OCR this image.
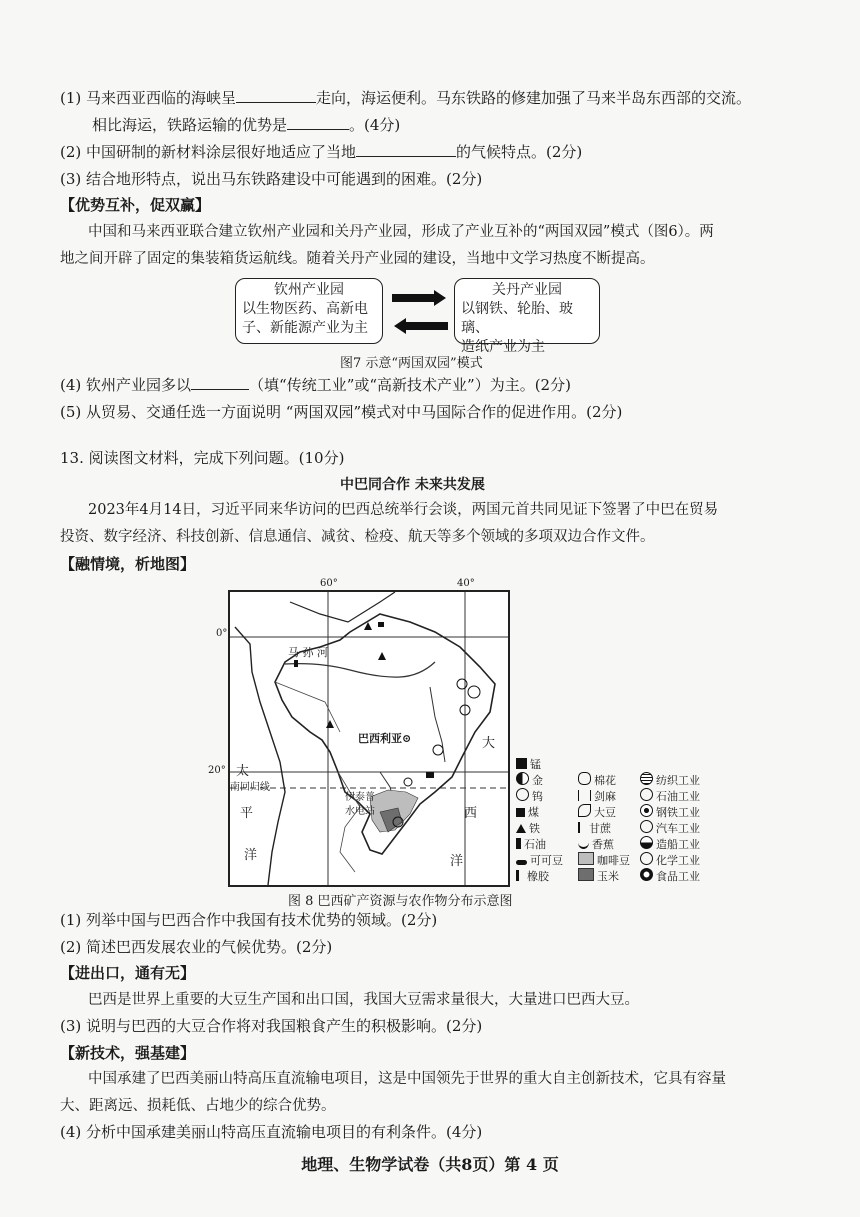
(1) 马来西亚西临的海峡呈	走向，海运便利。马东铁路的修建加强了马来半岛东西部的交流。
相比海运，铁路运输的优势是	。(4分)
(2) 中国研制的新材料涂层很好地适应了当地	的气候特点。(2分)
(3) 结合地形特点，说出马东铁路建设中可能遇到的困难。(2分)
【优势互补，促双赢】
中国和马来西亚联合建立钦州产业园和关丹产业园，形成了产业互补的“两国双园”模式（图6）。两
地之间开辟了固定的集装箱货运航线。随着关丹产业园的建设，当地中文学习热度不断提高。
钦州产业园
以生物医药、高新电
子、新能源产业为主
关丹产业园
以钢铁、轮胎、玻璃、
造纸产业为主
图7 示意“两国双园”模式
(4) 钦州产业园多以	（填“传统工业”或“高新技术产业”）为主。(2分)
(5) 从贸易、交通任选一方面说明 “两国双园”模式对中马国际合作的促进作用。(2分)
13. 阅读图文材料，完成下列问题。(10分)
中巴同合作 未来共发展
2023年4月14日，习近平同来华访问的巴西总统举行会谈，两国元首共同见证下签署了中巴在贸易
投资、数字经济、科技创新、信息通信、减贫、检疫、航天等多个领域的多项双边合作文件。
【融情境，析地图】
60°	40°
0°
20°
巴西利亚⊙
马 孙 河
南回归线
伊泰普
水电站
太
平
洋
大
西
洋
锰
金
钨
煤
铁
石油
可可豆
橡胶
棉花
剑麻
大豆
甘蔗
香蕉
咖啡豆
玉米
纺织工业
石油工业
钢铁工业
汽车工业
造船工业
化学工业
食品工业
图 8 巴西矿产资源与农作物分布示意图
(1) 列举中国与巴西合作中我国有技术优势的领域。(2分)
(2) 简述巴西发展农业的气候优势。(2分)
【进出口，通有无】
巴西是世界上重要的大豆生产国和出口国，我国大豆需求量很大，大量进口巴西大豆。
(3) 说明与巴西的大豆合作将对我国粮食产生的积极影响。(2分)
【新技术，强基建】
中国承建了巴西美丽山特高压直流输电项目，这是中国领先于世界的重大自主创新技术，它具有容量
大、距离远、损耗低、占地少的综合优势。
(4) 分析中国承建美丽山特高压直流输电项目的有利条件。(4分)
地理、生物学试卷（共8页）第 4 页
